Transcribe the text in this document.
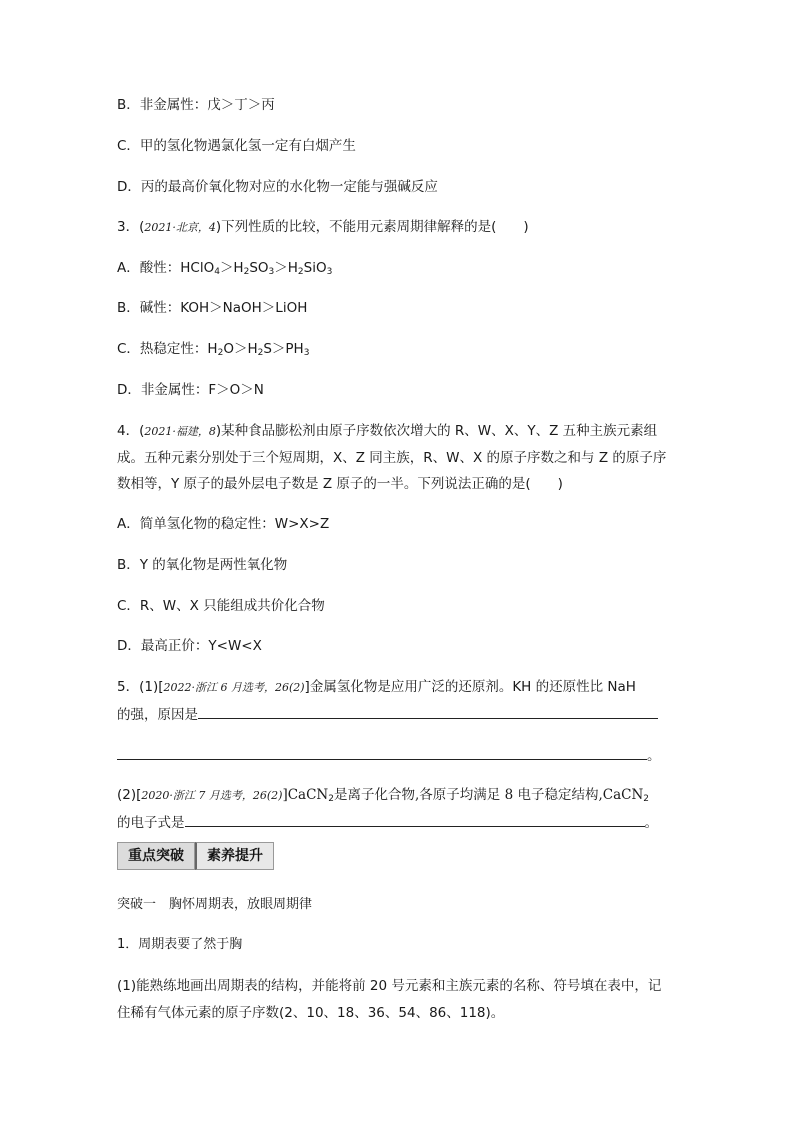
B．非金属性：戊＞丁＞丙
C．甲的氢化物遇氯化氢一定有白烟产生
D．丙的最高价氧化物对应的水化物一定能与强碱反应
3．(2021·北京，4)下列性质的比较，不能用元素周期律解释的是(　　)
A．酸性：$HClO_4>H_2SO_3>H_2SiO_3$
B．碱性：KOH＞NaOH＞LiOH
C．热稳定性：$H_2O>H_2S>PH_3$
D．非金属性：F＞O＞N
4．(2021·福建，8)某种食品膨松剂由原子序数依次增大的 R、W、X、Y、Z 五种主族元素组
成。五种元素分别处于三个短周期，X、Z 同主族，R、W、X 的原子序数之和与 Z 的原子序
数相等，Y 原子的最外层电子数是 Z 原子的一半。下列说法正确的是(　　)
A．简单氢化物的稳定性：W>X>Z
B．Y 的氧化物是两性氧化物
C．R、W、X 只能组成共价化合物
D．最高正价：Y<W<X
5．(1)[2022·浙江 6 月选考，26(2)]金属氢化物是应用广泛的还原剂。KH 的还原性比 NaH
的强，原因是
。
(2)[2020·浙江 7 月选考，26(2)]CaCN$_2$是离子化合物,各原子均满足 8 电子稳定结构,CaCN$_2$
的电子式是	。
重点突破	素养提升
突破一　胸怀周期表，放眼周期律
1．周期表要了然于胸
(1)能熟练地画出周期表的结构，并能将前 20 号元素和主族元素的名称、符号填在表中，记
住稀有气体元素的原子序数(2、10、18、36、54、86、118)。
